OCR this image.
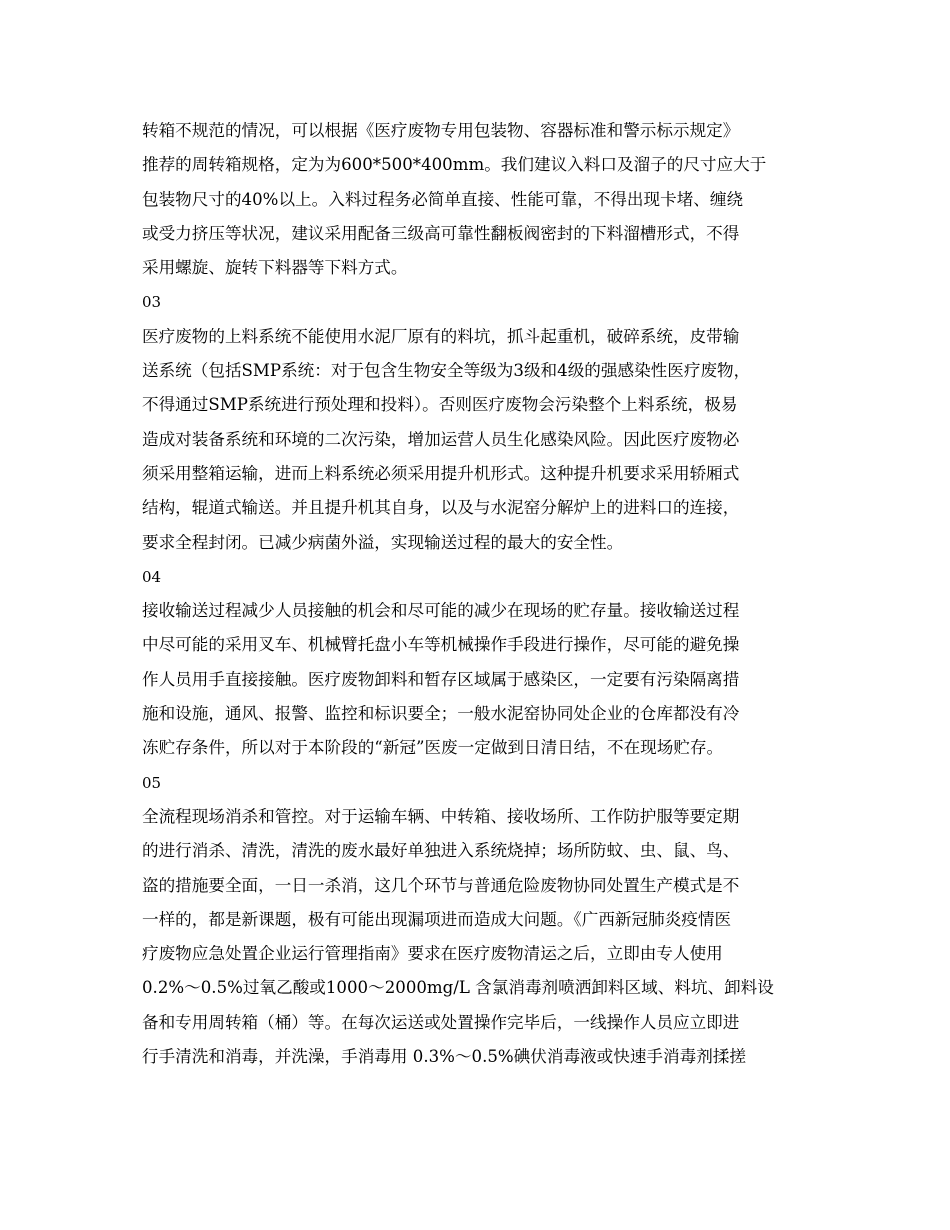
转箱不规范的情况，可以根据《医疗废物专用包装物、容器标准和警示标示规定》
推荐的周转箱规格，定为为600*500*400mm。我们建议入料口及溜子的尺寸应大于
包装物尺寸的40%以上。入料过程务必简单直接、性能可靠，不得出现卡堵、缠绕
或受力挤压等状况，建议采用配备三级高可靠性翻板阀密封的下料溜槽形式，不得
采用螺旋、旋转下料器等下料方式。
03
医疗废物的上料系统不能使用水泥厂原有的料坑，抓斗起重机，破碎系统，皮带输
送系统（包括SMP系统：对于包含生物安全等级为3级和4级的强感染性医疗废物，
不得通过SMP系统进行预处理和投料）。否则医疗废物会污染整个上料系统，极易
造成对装备系统和环境的二次污染，增加运营人员生化感染风险。因此医疗废物必
须采用整箱运输，进而上料系统必须采用提升机形式。这种提升机要求采用轿厢式
结构，辊道式输送。并且提升机其自身，以及与水泥窑分解炉上的进料口的连接，
要求全程封闭。已减少病菌外溢，实现输送过程的最大的安全性。
04
接收输送过程减少人员接触的机会和尽可能的减少在现场的贮存量。接收输送过程
中尽可能的采用叉车、机械臂托盘小车等机械操作手段进行操作，尽可能的避免操
作人员用手直接接触。医疗废物卸料和暂存区域属于感染区，一定要有污染隔离措
施和设施，通风、报警、监控和标识要全；一般水泥窑协同处企业的仓库都没有冷
冻贮存条件，所以对于本阶段的“新冠”医废一定做到日清日结，不在现场贮存。
05
全流程现场消杀和管控。对于运输车辆、中转箱、接收场所、工作防护服等要定期
的进行消杀、清洗，清洗的废水最好单独进入系统烧掉；场所防蚊、虫、鼠、鸟、
盗的措施要全面，一日一杀消，这几个环节与普通危险废物协同处置生产模式是不
一样的，都是新课题，极有可能出现漏项进而造成大问题。《广西新冠肺炎疫情医
疗废物应急处置企业运行管理指南》要求在医疗废物清运之后，立即由专人使用
0.2%～0.5%过氧乙酸或1000～2000mg/L 含氯消毒剂喷洒卸料区域、料坑、卸料设
备和专用周转箱（桶）等。在每次运送或处置操作完毕后，一线操作人员应立即进
行手清洗和消毒，并洗澡，手消毒用 0.3%～0.5%碘伏消毒液或快速手消毒剂揉搓
